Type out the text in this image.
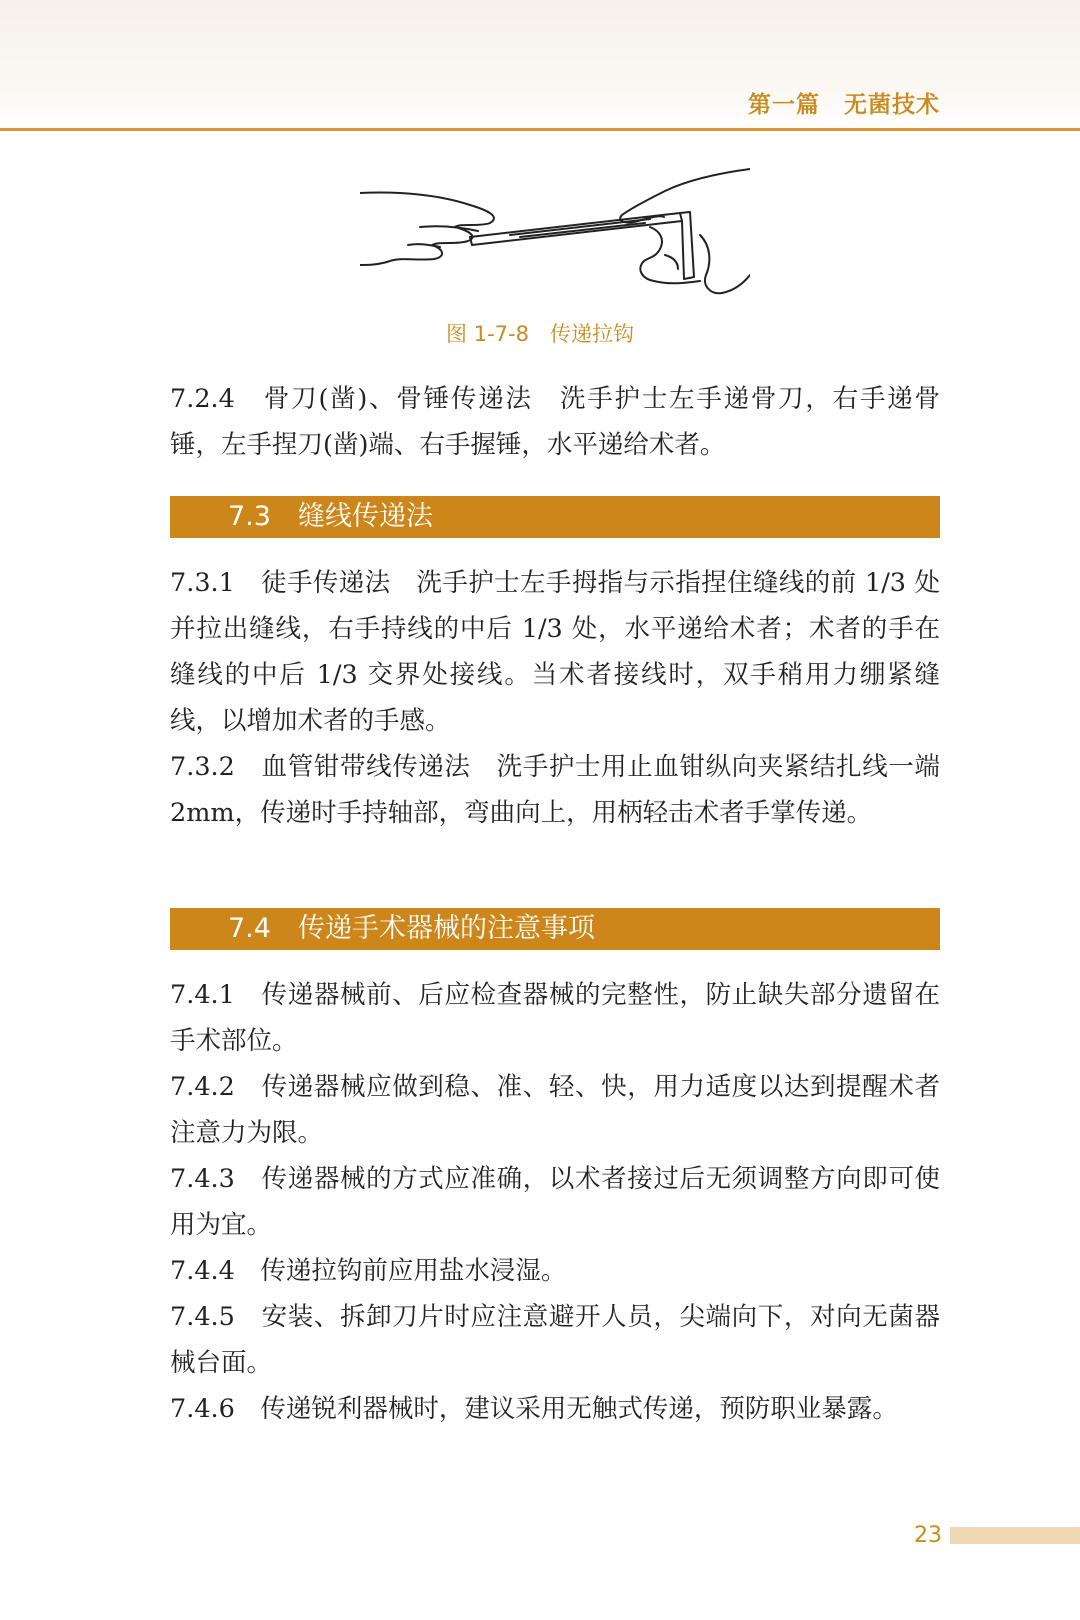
第一篇　无菌技术
图 1-7-8　传递拉钩
7.2.4　骨刀(凿)、骨锤传递法　洗手护士左手递骨刀，右手递骨锤，左手捏刀(凿)端、右手握锤，水平递给术者。
7.3　缝线传递法
7.3.1　徒手传递法　洗手护士左手拇指与示指捏住缝线的前 1/3 处并拉出缝线，右手持线的中后 1/3 处，水平递给术者；术者的手在缝线的中后 1/3 交界处接线。当术者接线时，双手稍用力绷紧缝线，以增加术者的手感。
7.3.2　血管钳带线传递法　洗手护士用止血钳纵向夹紧结扎线一端 2mm，传递时手持轴部，弯曲向上，用柄轻击术者手掌传递。
7.4　传递手术器械的注意事项
7.4.1　传递器械前、后应检查器械的完整性，防止缺失部分遗留在手术部位。
7.4.2　传递器械应做到稳、准、轻、快，用力适度以达到提醒术者注意力为限。
7.4.3　传递器械的方式应准确，以术者接过后无须调整方向即可使用为宜。
7.4.4　传递拉钩前应用盐水浸湿。
7.4.5　安装、拆卸刀片时应注意避开人员，尖端向下，对向无菌器械台面。
7.4.6　传递锐利器械时，建议采用无触式传递，预防职业暴露。
23
